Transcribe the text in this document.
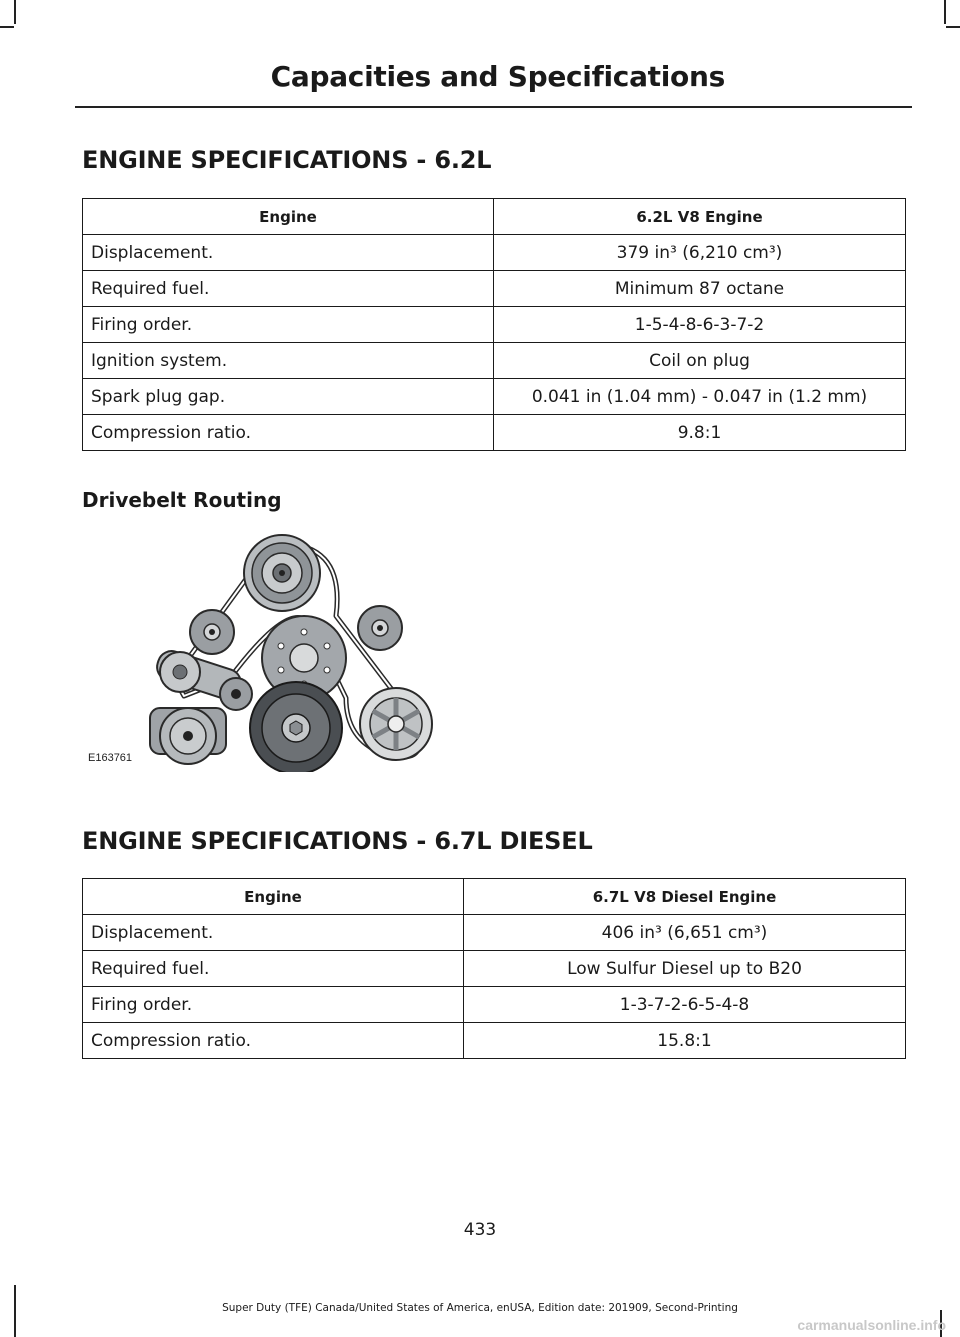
Capacities and Specifications
ENGINE SPECIFICATIONS - 6.2L
Engine	6.2L V8 Engine
Displacement.	379 in³ (6,210 cm³)
Required fuel.	Minimum 87 octane
Firing order.	1-5-4-8-6-3-7-2
Ignition system.	Coil on plug
Spark plug gap.	0.041 in (1.04 mm) - 0.047 in (1.2 mm)
Compression ratio.	9.8:1
Drivebelt Routing
E163761
ENGINE SPECIFICATIONS - 6.7L DIESEL
Engine	6.7L V8 Diesel Engine
Displacement.	406 in³ (6,651 cm³)
Required fuel.	Low Sulfur Diesel up to B20
Firing order.	1-3-7-2-6-5-4-8
Compression ratio.	15.8:1
433
Super Duty (TFE) Canada/United States of America, enUSA, Edition date: 201909, Second-Printing
carmanualsonline.info
